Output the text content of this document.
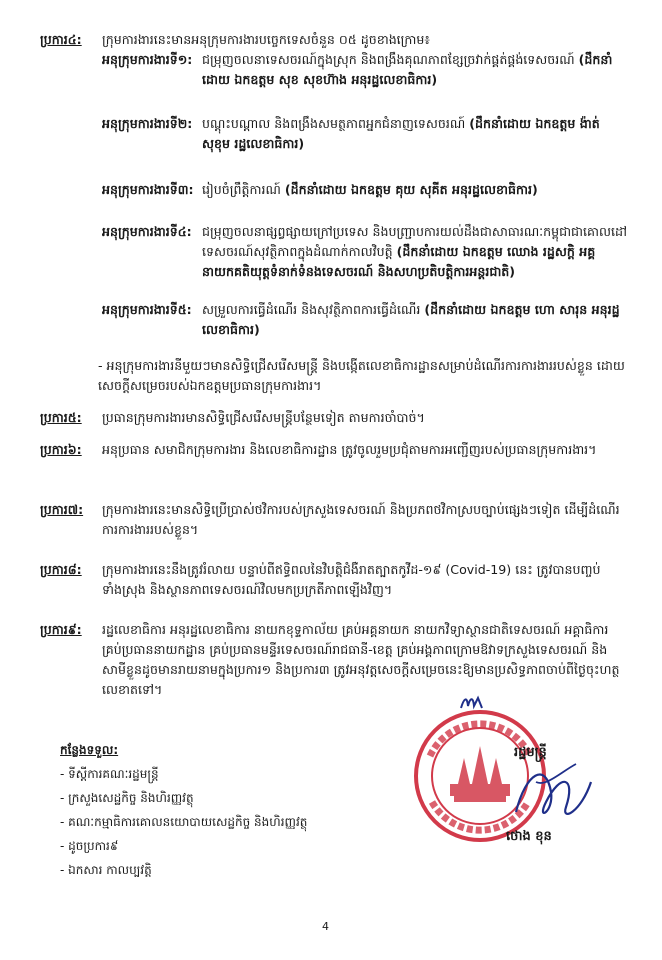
ប្រការ៤: ក្រុមការងារនេះមានអនុក្រុមការងារបច្ចេកទេសចំនួន ០៥ ដូចខាងក្រោម៖
អនុក្រុមការងារទី១: ជម្រុញចលនាទេសចរណ៍ក្នុងស្រុក និងពង្រឹងគុណភាពខ្សែច្រវាក់ផ្គត់ផ្គង់ទេសចរណ៍ (ដឹកនាំដោយ ឯកឧត្តម សុខ សុខហ៊ាង អនុរដ្ឋលេខាធិការ)
អនុក្រុមការងារទី២: បណ្តុះបណ្តាល និងពង្រឹងសមត្ថភាពអ្នកជំនាញទេសចរណ៍ (ដឹកនាំដោយ ឯកឧត្តម ង៉ាត់ សុខុម រដ្ឋលេខាធិការ)
អនុក្រុមការងារទី៣: រៀបចំព្រឹត្តិការណ៍ (ដឹកនាំដោយ ឯកឧត្តម គុយ សុគីត អនុរដ្ឋលេខាធិការ)
អនុក្រុមការងារទី៤: ជម្រុញចលនាផ្សព្វផ្សាយក្រៅប្រទេស និងបញ្ជ្រាបការយល់ដឹងជាសាធារណៈកម្ពុជាជាគោលដៅទេសចរណ៍សុវត្ថិភាពក្នុងដំណាក់កាលវិបត្តិ (ដឹកនាំដោយ ឯកឧត្តម ឈោង រដ្ឋសក្តិ អគ្គនាយកគតិយុត្តទំនាក់ទំនងទេសចរណ៍ និងសហប្រតិបត្តិការអន្តរជាតិ)
អនុក្រុមការងារទី៥: សម្រួលការធ្វើដំណើរ និងសុវត្ថិភាពការធ្វើដំណើរ (ដឹកនាំដោយ ឯកឧត្តម ហោ សារុន អនុរដ្ឋលេខាធិការ)
- អនុក្រុមការងារនីមួយៗមានសិទ្ធិជ្រើសរើសមន្ត្រី និងបង្កើតលេខាធិការដ្ឋានសម្រាប់ដំណើរការការងាររបស់ខ្លួន ដោយសេចក្តីសម្រេចរបស់ឯកឧត្តមប្រធានក្រុមការងារ។
ប្រការ៥: ប្រធានក្រុមការងារមានសិទ្ធិជ្រើសរើសមន្ត្រីបន្ថែមទៀត តាមការចាំបាច់។
ប្រការ៦: អនុប្រធាន សមាជិកក្រុមការងារ និងលេខាធិការដ្ឋាន ត្រូវចូលរួមប្រជុំតាមការអញ្ជើញរបស់ប្រធានក្រុមការងារ។
ប្រការ៧: ក្រុមការងារនេះមានសិទ្ធិប្រើប្រាស់ថវិការបស់ក្រសួងទេសចរណ៍ និងប្រភពថវិកាស្របច្បាប់ផ្សេងៗទៀត ដើម្បីដំណើរការការងាររបស់ខ្លួន។
ប្រការ៨: ក្រុមការងារនេះនឹងត្រូវរំលាយ បន្ទាប់ពីឥទ្ធិពលនៃវិបត្តិជំងឺរាតត្បាតកូវីដ-១៩ (Covid-19) នេះ ត្រូវបានបញ្ចប់ទាំងស្រុង និងស្ថានភាពទេសចរណ៍វិលមកប្រក្រតីភាពឡើងវិញ។
ប្រការ៩: រដ្ឋលេខាធិការ អនុរដ្ឋលេខាធិការ នាយកខុទ្ទកាល័យ គ្រប់អគ្គនាយក នាយកវិទ្យាស្ថានជាតិទេសចរណ៍ អគ្គាធិការ គ្រប់ប្រធាននាយកដ្ឋាន គ្រប់ប្រធានមន្ទីរទេសចរណ៍រាជធានី-ខេត្ត គ្រប់អង្គភាពក្រោមឱវាទក្រសួងទេសចរណ៍ និងសាមីខ្លួនដូចមានរាយនាមក្នុងប្រការ១ និងប្រការ៣ ត្រូវអនុវត្តសេចក្តីសម្រេចនេះឱ្យមានប្រសិទ្ធភាពចាប់ពីថ្ងៃចុះហត្ថលេខាតទៅ។
កន្លែងទទួល:
- ទីស្តីការគណៈរដ្ឋមន្ត្រី
- ក្រសួងសេដ្ឋកិច្ច និងហិរញ្ញវត្ថុ
- គណៈកម្មាធិការគោលនយោបាយសេដ្ឋកិច្ច និងហិរញ្ញវត្ថុ
- ដូចប្រការ៩
- ឯកសារ កាលប្បវត្តិ
រដ្ឋមន្ត្រី
ថោង ខុន
4
